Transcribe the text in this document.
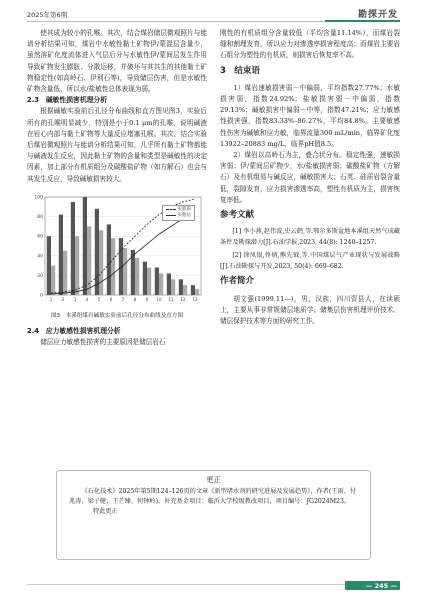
2025年第6期	勘探开发

使其成为较小的孔喉。其次，结合煤岩储层微观照片与能谱分析结果可知，煤岩中水敏性黏土矿物伊/蒙混层含量少，虽然溶矿化度流体进入气层后分与水敏性伊/蒙间层发生作用导致矿物发生膨胀、分散运移，并破坏与其共生的其他黏土矿物稳定性(如高岭石、伊利石等)，导致储层伤害，但是水敏性矿物含量低，所以水/盐敏性总体表现为弱。

2.3　碱敏性损害机理分析

根据碱敏实验前后孔径分布曲线和直方图见图3，实验后所有的孔喉明显减少，特别是小于0.1 μm的孔喉，说明碱液在岩心内部与黏土矿物等大量反应堵塞孔喉。其次，结合实验后煤岩微观照片与能谱分析结果可知，几乎所有黏土矿物都能与碱液发生反应，因此黏土矿物的含量和类型是碱敏性的决定因素，加上部分有机质组分及碳酸盐矿物（如方解石）也会与其发生反应，导致碱敏损害较大。

0
20
40
60
80
100
1 2 3 4 5 6 7 8 9 10 11 12 13
实验前
实验后

图3　本溪组煤岩碱敏实验前后孔径分布曲线及直方图

2.4　应力敏感性损害机理分析

储层应力敏感性损害的主要原因是储层岩石

刚性的有机质组分含量较低（平均含量11.14%），而煤岩裂缝和割理发育，所以应力对渗透率损害程度高；而煤岩主要岩石组分为塑性的有机质，则损害后恢复率不高。

3　结束语

1）煤岩速敏损害弱－中偏弱，平均指数27.77%；水敏损害弱，指数24.92%；盐敏损害弱－中偏弱，指数29.13%；碱敏损害中偏弱－中等，指数47.21%；应力敏感性损害强，指数83.33%–86.27%，平均84.8%。主要敏感性伤害为碱敏和应力敏，临界流量300 mL/min，临界矿化度13922–20883 mg/L，临界pH值8.5。

2）煤岩以高岭石为主，叠合状分布。稳定性强，速敏损害弱；伊/蒙间层矿物少，水/盐敏损害弱；碳酸盐矿物（方解石）及有机组易与碱反应，碱敏损害大；石英、硅质岩裂含量低，裂隙发育，应力损害渗透率高，塑性有机质为主，损害恢复率低。

参考文献

[1] 李小燕,赵伟波,史云鹤,等.鄂尔多斯盆地本溪组天然气成藏条件及勘探潜力[J].石油学报,2023, 44(8): 1240–1257.

[2] 徐凤银,佟炳,熊先钺,等.中国煤层气产业现状与发展战略[J].石油勘探与开发,2023, 50(4): 669–682.

作者简介

胡文强(1999.11—)，男，汉族，四川资县人，在读硕士，主要从事非常规储层地质学、储集层伤害机理评价技术、储层保护技术等方面的研究工作。

更正
《石化技术》2025年第5期124–126页的文章《新型堵水剂的研究进展及发展趋势》，作者(王雨、付兆涛、梁子健、王芒臻、何钟岭)，补充基金项目：临沂大学校级教改项目，项目编号：JG2024M23。
特此更正
— 245 —
